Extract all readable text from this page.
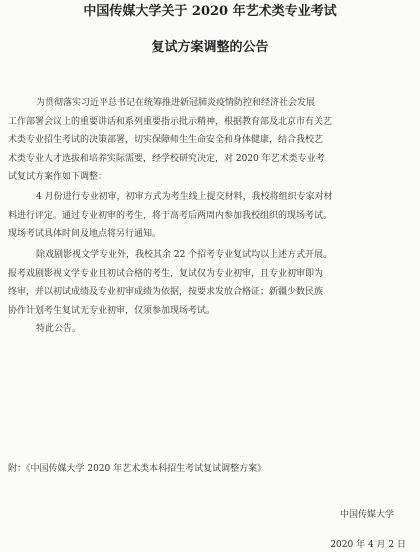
中国传媒大学关于 2020 年艺术类专业考试
复试方案调整的公告
为贯彻落实习近平总书记在统筹推进新冠肺炎疫情防控和经济社会发展
工作部署会议上的重要讲话和系列重要指示批示精神，根据教育部及北京市有关艺
术类专业招生考试的决策部署，切实保障师生生命安全和身体健康，结合我校艺
术类专业人才选拔和培养实际需要，经学校研究决定，对 2020 年艺术类专业考
试复试方案作如下调整：
4 月份进行专业初审，初审方式为考生线上提交材料，我校将组织专家对材
料进行评定。通过专业初审的考生，将于高考后两周内参加我校组织的现场考试。
现场考试具体时间及地点将另行通知。
除戏剧影视文学专业外，我校其余 22 个招考专业复试均以上述方式开展。
报考戏剧影视文学专业且初试合格的考生，复试仅为专业初审，且专业初审即为
终审，并以初试成绩及专业初审成绩为依据，按要求发放合格证；新疆少数民族
协作计划考生复试无专业初审，仅须参加现场考试。
特此公告。
附：《中国传媒大学 2020 年艺术类本科招生考试复试调整方案》
中国传媒大学
2020 年 4 月 2 日
